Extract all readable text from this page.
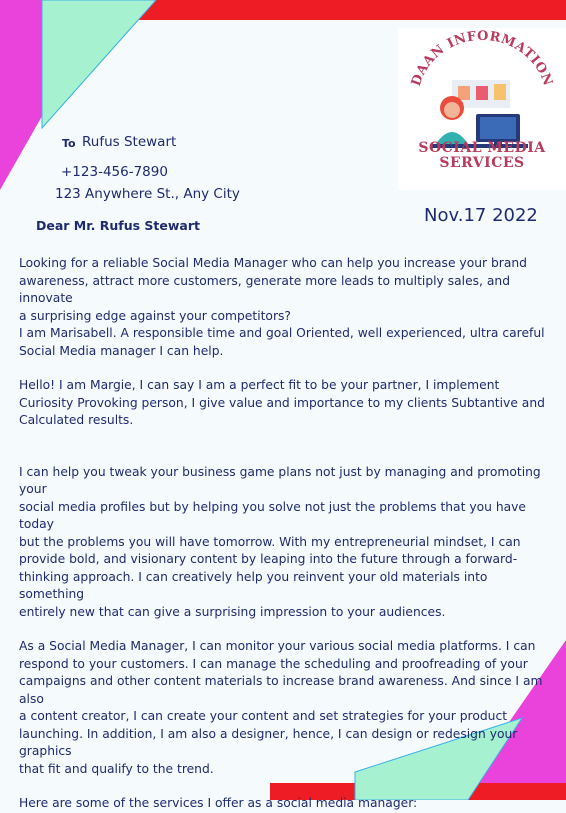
DAAN INFORMATION
SOCIAL MEDIA
SERVICES
To Rufus Stewart
+123-456-7890
123 Anywhere St., Any City
Nov.17 2022
Dear Mr. Rufus Stewart

Looking for a reliable Social Media Manager who can help you increase your brand
awareness, attract more customers, generate more leads to multiply sales, and innovate
a surprising edge against your competitors?
I am Marisabell. A responsible time and goal Oriented, well experienced, ultra careful
Social Media manager I can help.

Hello! I am Margie, I can say I am a perfect fit to be your partner, I implement
Curiosity Provoking person, I give value and importance to my clients Subtantive and
Calculated results.

I can help you tweak your business game plans not just by managing and promoting your
social media profiles but by helping you solve not just the problems that you have today
but the problems you will have tomorrow. With my entrepreneurial mindset, I can
provide bold, and visionary content by leaping into the future through a forward-
thinking approach. I can creatively help you reinvent your old materials into something
entirely new that can give a surprising impression to your audiences.

As a Social Media Manager, I can monitor your various social media platforms. I can
respond to your customers. I can manage the scheduling and proofreading of your
campaigns and other content materials to increase brand awareness. And since I am also
a content creator, I can create your content and set strategies for your product
launching. In addition, I am also a designer, hence, I can design or redesign your graphics
that fit and qualify to the trend.

Here are some of the services I offer as a social media manager:
